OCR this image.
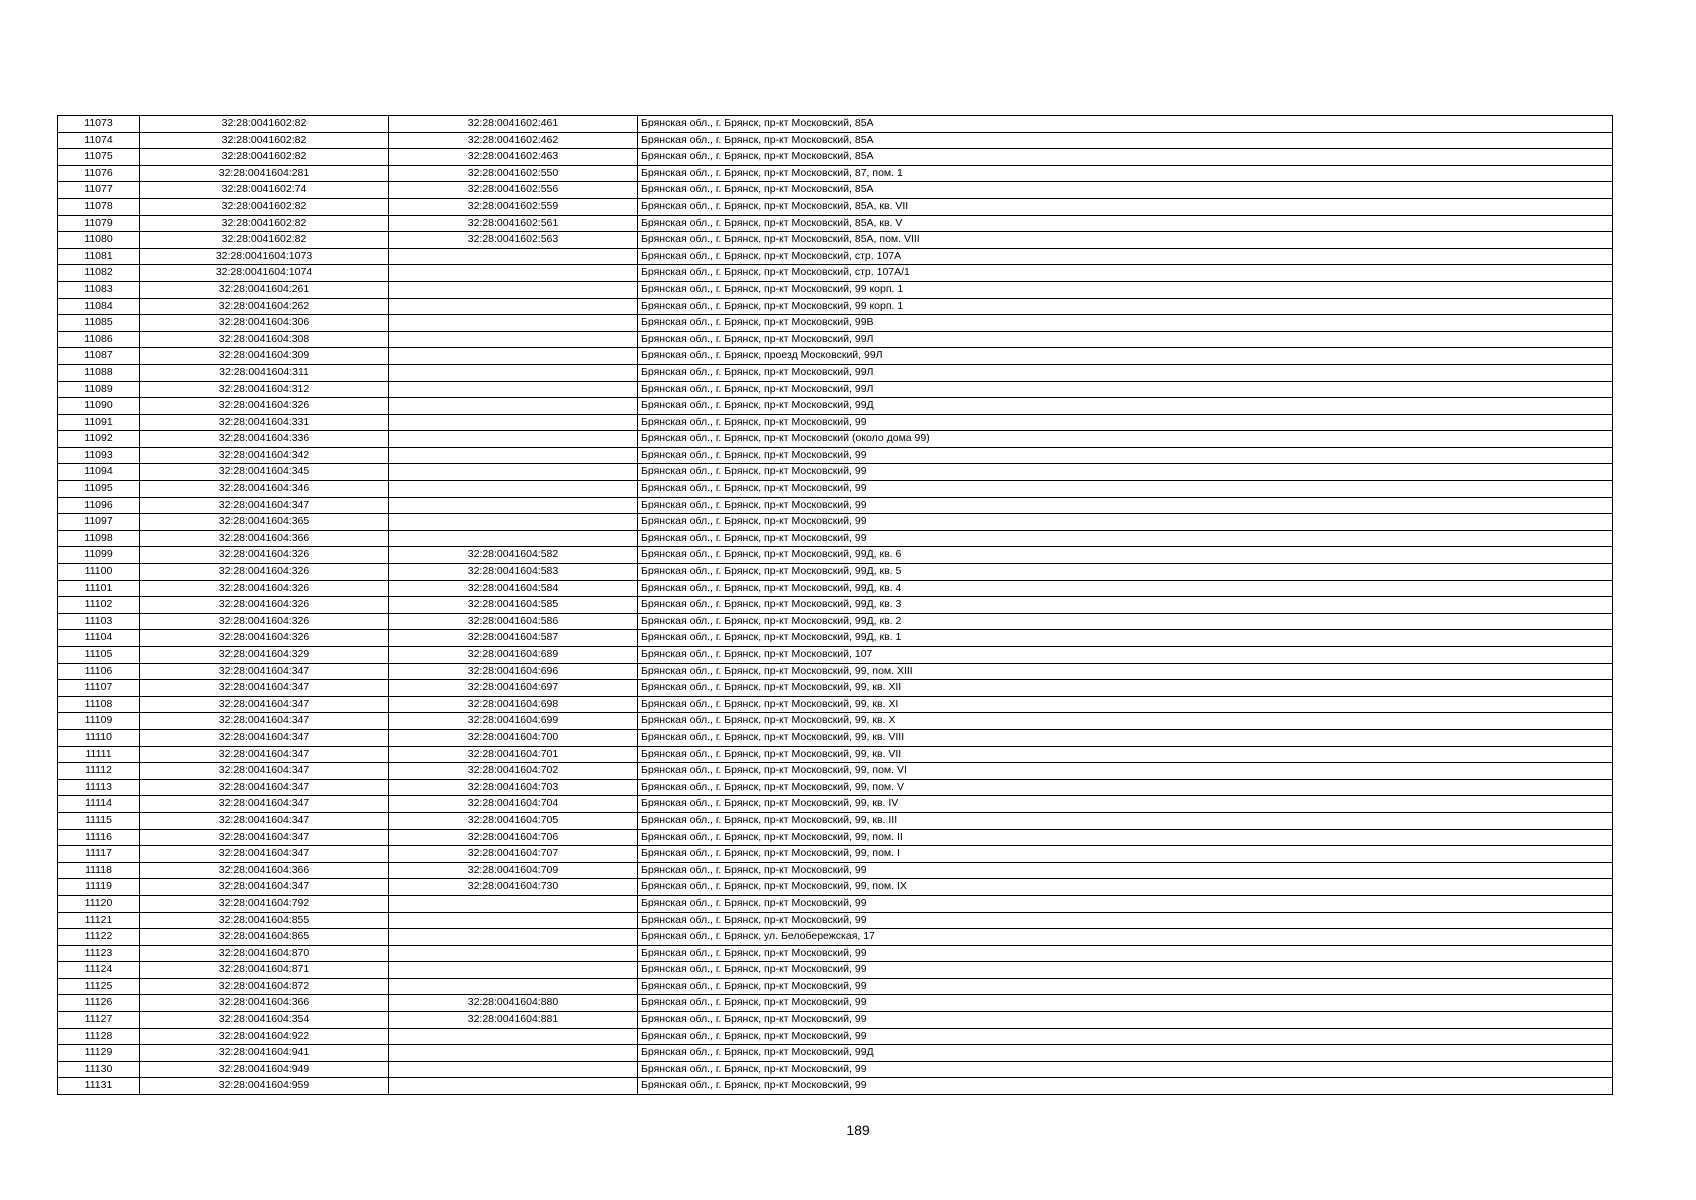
11073	32:28:0041602:82	32:28:0041602:461	Брянская обл., г. Брянск, пр-кт Московский, 85А
11074	32:28:0041602:82	32:28:0041602:462	Брянская обл., г. Брянск, пр-кт Московский, 85А
11075	32:28:0041602:82	32:28:0041602:463	Брянская обл., г. Брянск, пр-кт Московский, 85А
11076	32:28:0041604:281	32:28:0041602:550	Брянская обл., г. Брянск, пр-кт Московский, 87, пом. 1
11077	32:28:0041602:74	32:28:0041602:556	Брянская обл., г. Брянск, пр-кт Московский, 85А
11078	32:28:0041602:82	32:28:0041602:559	Брянская обл., г. Брянск, пр-кт Московский, 85А, кв. VII
11079	32:28:0041602:82	32:28:0041602:561	Брянская обл., г. Брянск, пр-кт Московский, 85А, кв. V
11080	32:28:0041602:82	32:28:0041602:563	Брянская обл., г. Брянск, пр-кт Московский, 85А, пом. VIII
11081	32:28:0041604:1073		Брянская обл., г. Брянск, пр-кт Московский, стр. 107А
11082	32:28:0041604:1074		Брянская обл., г. Брянск, пр-кт Московский, стр. 107А/1
11083	32:28:0041604:261		Брянская обл., г. Брянск, пр-кт Московский, 99 корп. 1
11084	32:28:0041604:262		Брянская обл., г. Брянск, пр-кт Московский, 99 корп. 1
11085	32:28:0041604:306		Брянская обл., г. Брянск, пр-кт Московский, 99В
11086	32:28:0041604:308		Брянская обл., г. Брянск, пр-кт Московский, 99Л
11087	32:28:0041604:309		Брянская обл., г. Брянск, проезд Московский, 99Л
11088	32:28:0041604:311		Брянская обл., г. Брянск, пр-кт Московский, 99Л
11089	32:28:0041604:312		Брянская обл., г. Брянск, пр-кт Московский, 99Л
11090	32:28:0041604:326		Брянская обл., г. Брянск, пр-кт Московский, 99Д
11091	32:28:0041604:331		Брянская обл., г. Брянск, пр-кт Московский, 99
11092	32:28:0041604:336		Брянская обл., г. Брянск, пр-кт Московский (около дома 99)
11093	32:28:0041604:342		Брянская обл., г. Брянск, пр-кт Московский, 99
11094	32:28:0041604:345		Брянская обл., г. Брянск, пр-кт Московский, 99
11095	32:28:0041604:346		Брянская обл., г. Брянск, пр-кт Московский, 99
11096	32:28:0041604:347		Брянская обл., г. Брянск, пр-кт Московский, 99
11097	32:28:0041604:365		Брянская обл., г. Брянск, пр-кт Московский, 99
11098	32:28:0041604:366		Брянская обл., г. Брянск, пр-кт Московский, 99
11099	32:28:0041604:326	32:28:0041604:582	Брянская обл., г. Брянск, пр-кт Московский, 99Д, кв. 6
11100	32:28:0041604:326	32:28:0041604:583	Брянская обл., г. Брянск, пр-кт Московский, 99Д, кв. 5
11101	32:28:0041604:326	32:28:0041604:584	Брянская обл., г. Брянск, пр-кт Московский, 99Д, кв. 4
11102	32:28:0041604:326	32:28:0041604:585	Брянская обл., г. Брянск, пр-кт Московский, 99Д, кв. 3
11103	32:28:0041604:326	32:28:0041604:586	Брянская обл., г. Брянск, пр-кт Московский, 99Д, кв. 2
11104	32:28:0041604:326	32:28:0041604:587	Брянская обл., г. Брянск, пр-кт Московский, 99Д, кв. 1
11105	32:28:0041604:329	32:28:0041604:689	Брянская обл., г. Брянск, пр-кт Московский, 107
11106	32:28:0041604:347	32:28:0041604:696	Брянская обл., г. Брянск, пр-кт Московский, 99, пом. XIII
11107	32:28:0041604:347	32:28:0041604:697	Брянская обл., г. Брянск, пр-кт Московский, 99, кв. XII
11108	32:28:0041604:347	32:28:0041604:698	Брянская обл., г. Брянск, пр-кт Московский, 99, кв. XI
11109	32:28:0041604:347	32:28:0041604:699	Брянская обл., г. Брянск, пр-кт Московский, 99, кв. X
11110	32:28:0041604:347	32:28:0041604:700	Брянская обл., г. Брянск, пр-кт Московский, 99, кв. VIII
11111	32:28:0041604:347	32:28:0041604:701	Брянская обл., г. Брянск, пр-кт Московский, 99, кв. VII
11112	32:28:0041604:347	32:28:0041604:702	Брянская обл., г. Брянск, пр-кт Московский, 99, пом. VI
11113	32:28:0041604:347	32:28:0041604:703	Брянская обл., г. Брянск, пр-кт Московский, 99, пом. V
11114	32:28:0041604:347	32:28:0041604:704	Брянская обл., г. Брянск, пр-кт Московский, 99, кв. IV
11115	32:28:0041604:347	32:28:0041604:705	Брянская обл., г. Брянск, пр-кт Московский, 99, кв. III
11116	32:28:0041604:347	32:28:0041604:706	Брянская обл., г. Брянск, пр-кт Московский, 99, пом. II
11117	32:28:0041604:347	32:28:0041604:707	Брянская обл., г. Брянск, пр-кт Московский, 99, пом. I
11118	32:28:0041604:366	32:28:0041604:709	Брянская обл., г. Брянск, пр-кт Московский, 99
11119	32:28:0041604:347	32:28:0041604:730	Брянская обл., г. Брянск, пр-кт Московский, 99, пом. IX
11120	32:28:0041604:792		Брянская обл., г. Брянск, пр-кт Московский, 99
11121	32:28:0041604:855		Брянская обл., г. Брянск, пр-кт Московский, 99
11122	32:28:0041604:865		Брянская обл., г. Брянск, ул. Белобережская, 17
11123	32:28:0041604:870		Брянская обл., г. Брянск, пр-кт Московский, 99
11124	32:28:0041604:871		Брянская обл., г. Брянск, пр-кт Московский, 99
11125	32:28:0041604:872		Брянская обл., г. Брянск, пр-кт Московский, 99
11126	32:28:0041604:366	32:28:0041604:880	Брянская обл., г. Брянск, пр-кт Московский, 99
11127	32:28:0041604:354	32:28:0041604:881	Брянская обл., г. Брянск, пр-кт Московский, 99
11128	32:28:0041604:922		Брянская обл., г. Брянск, пр-кт Московский, 99
11129	32:28:0041604:941		Брянская обл., г. Брянск, пр-кт Московский, 99Д
11130	32:28:0041604:949		Брянская обл., г. Брянск, пр-кт Московский, 99
11131	32:28:0041604:959		Брянская обл., г. Брянск, пр-кт Московский, 99
189
